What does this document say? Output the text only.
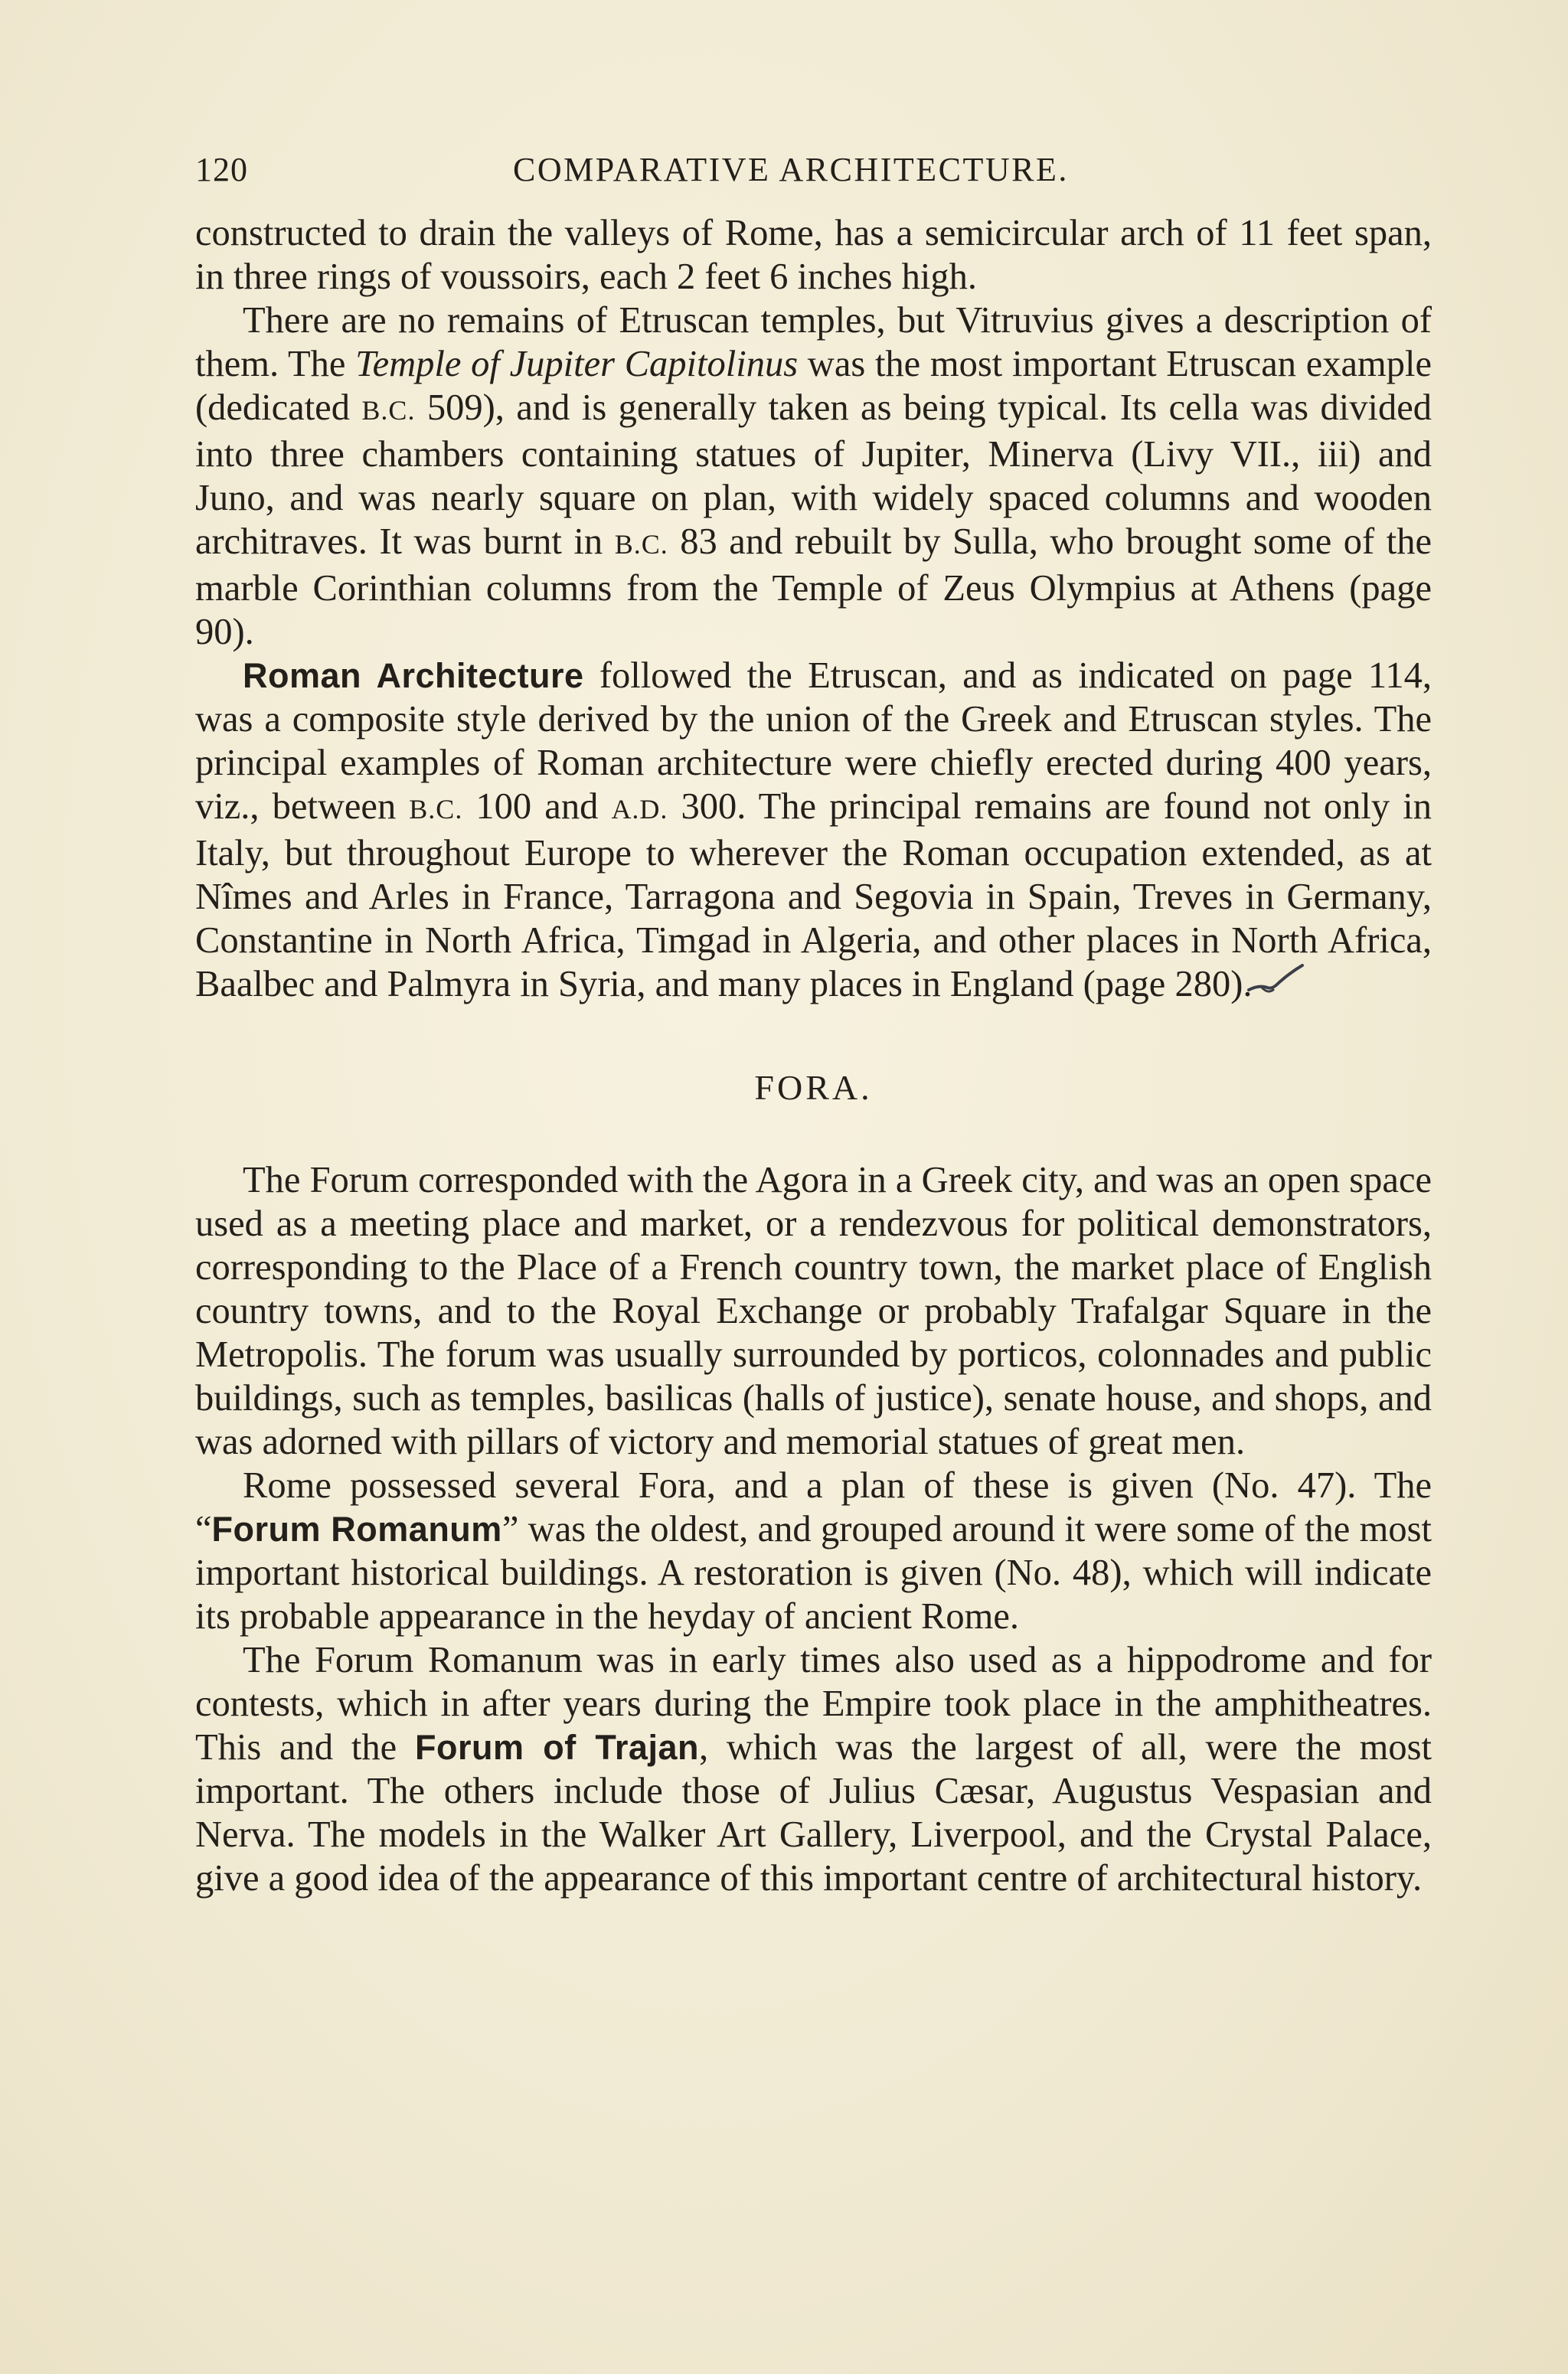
120	COMPARATIVE ARCHITECTURE.

constructed to drain the valleys of Rome, has a semicircular arch of 11 feet span, in three rings of voussoirs, each 2 feet 6 inches high.

There are no remains of Etruscan temples, but Vitruvius gives a description of them. The Temple of Jupiter Capitolinus was the most important Etruscan example (dedicated B.C. 509), and is generally taken as being typical. Its cella was divided into three chambers containing statues of Jupiter, Minerva (Livy VII., iii) and Juno, and was nearly square on plan, with widely spaced columns and wooden architraves. It was burnt in B.C. 83 and rebuilt by Sulla, who brought some of the marble Corinthian columns from the Temple of Zeus Olympius at Athens (page 90).

Roman Architecture followed the Etruscan, and as indicated on page 114, was a composite style derived by the union of the Greek and Etruscan styles. The principal examples of Roman architecture were chiefly erected during 400 years, viz., between B.C. 100 and A.D. 300. The principal remains are found not only in Italy, but throughout Europe to wherever the Roman occupation extended, as at Nîmes and Arles in France, Tarragona and Segovia in Spain, Treves in Germany, Constantine in North Africa, Timgad in Algeria, and other places in North Africa, Baalbec and Palmyra in Syria, and many places in England (page 280).

FORA.

The Forum corresponded with the Agora in a Greek city, and was an open space used as a meeting place and market, or a rendezvous for political demonstrators, corresponding to the Place of a French country town, the market place of English country towns, and to the Royal Exchange or probably Trafalgar Square in the Metropolis. The forum was usually surrounded by porticos, colonnades and public buildings, such as temples, basilicas (halls of justice), senate house, and shops, and was adorned with pillars of victory and memorial statues of great men.

Rome possessed several Fora, and a plan of these is given (No. 47). The “Forum Romanum” was the oldest, and grouped around it were some of the most important historical buildings. A restoration is given (No. 48), which will indicate its probable appearance in the heyday of ancient Rome.

The Forum Romanum was in early times also used as a hippodrome and for contests, which in after years during the Empire took place in the amphitheatres. This and the Forum of Trajan, which was the largest of all, were the most important. The others include those of Julius Cæsar, Augustus Vespasian and Nerva. The models in the Walker Art Gallery, Liverpool, and the Crystal Palace, give a good idea of the appearance of this important centre of architectural history.
